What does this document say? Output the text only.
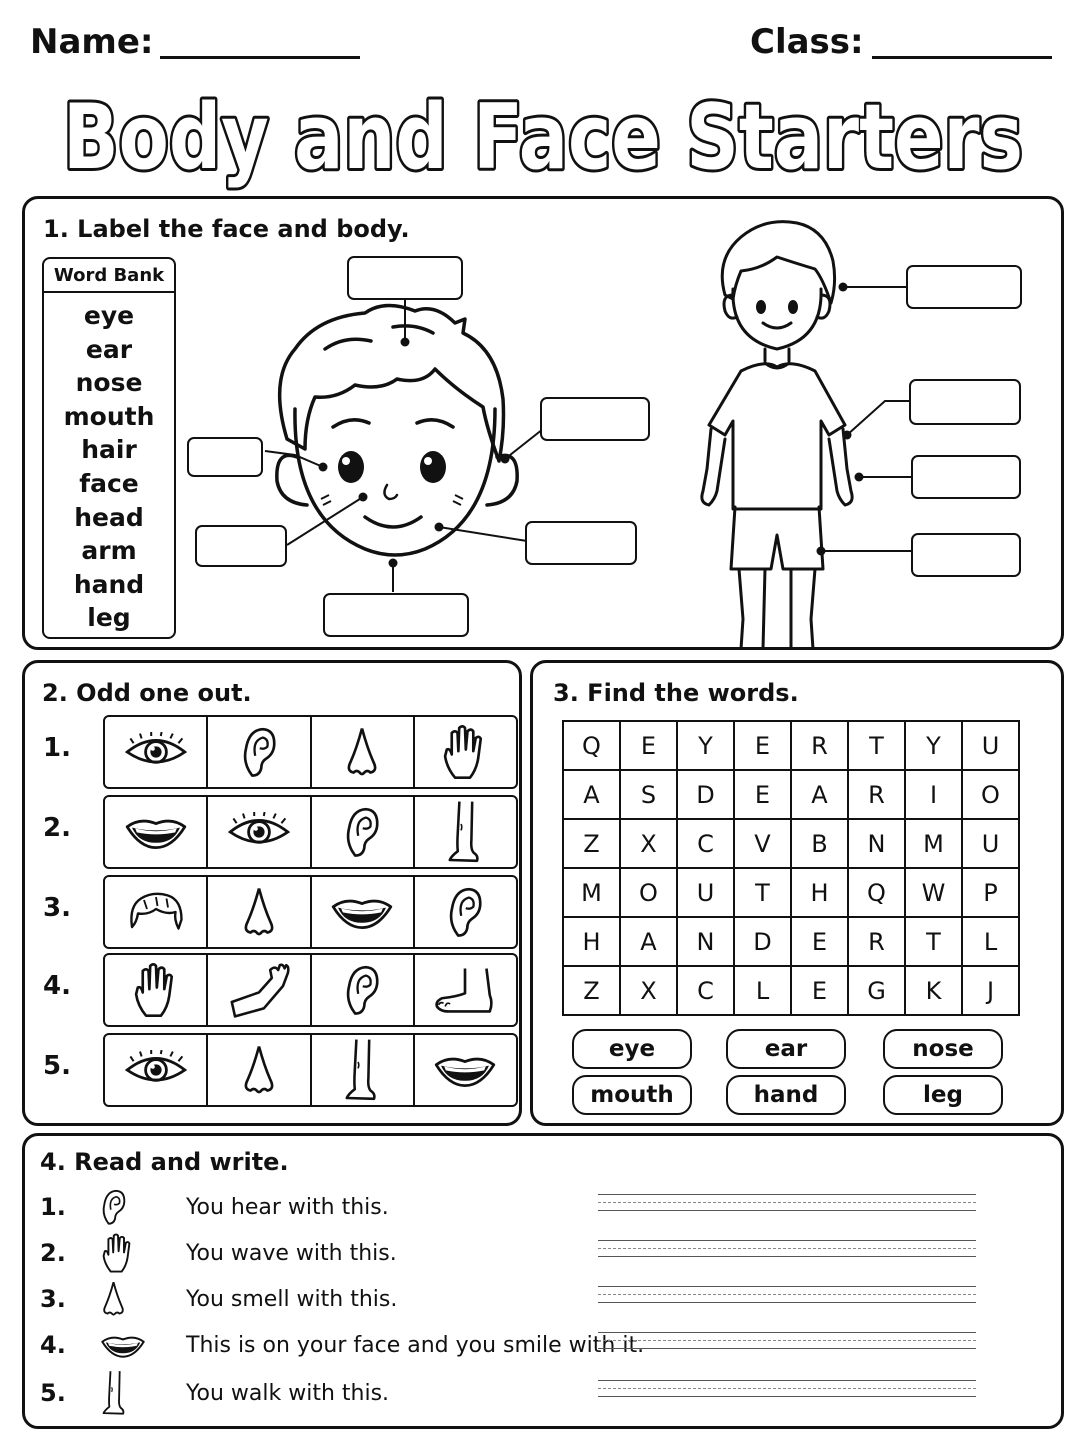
Name:	Class:
Body and Face Starters
1. Label the face and body.
Word Bank
eye
ear
nose
mouth
hair
face
head
arm
hand
leg
2. Odd one out.
1.
2.
3.
4.
5.
3. Find the words.
Q	E	Y	E	R	T	Y	U
A	S	D	E	A	R	I	O
Z	X	C	V	B	N	M	U
M	O	U	T	H	Q	W	P
H	A	N	D	E	R	T	L
Z	X	C	L	E	G	K	J
eye	ear	nose
mouth	hand	leg
4. Read and write.
1.	You hear with this.
2.	You wave with this.
3.	You smell with this.
4.	This is on your face and you smile with it.
5.	You walk with this.
